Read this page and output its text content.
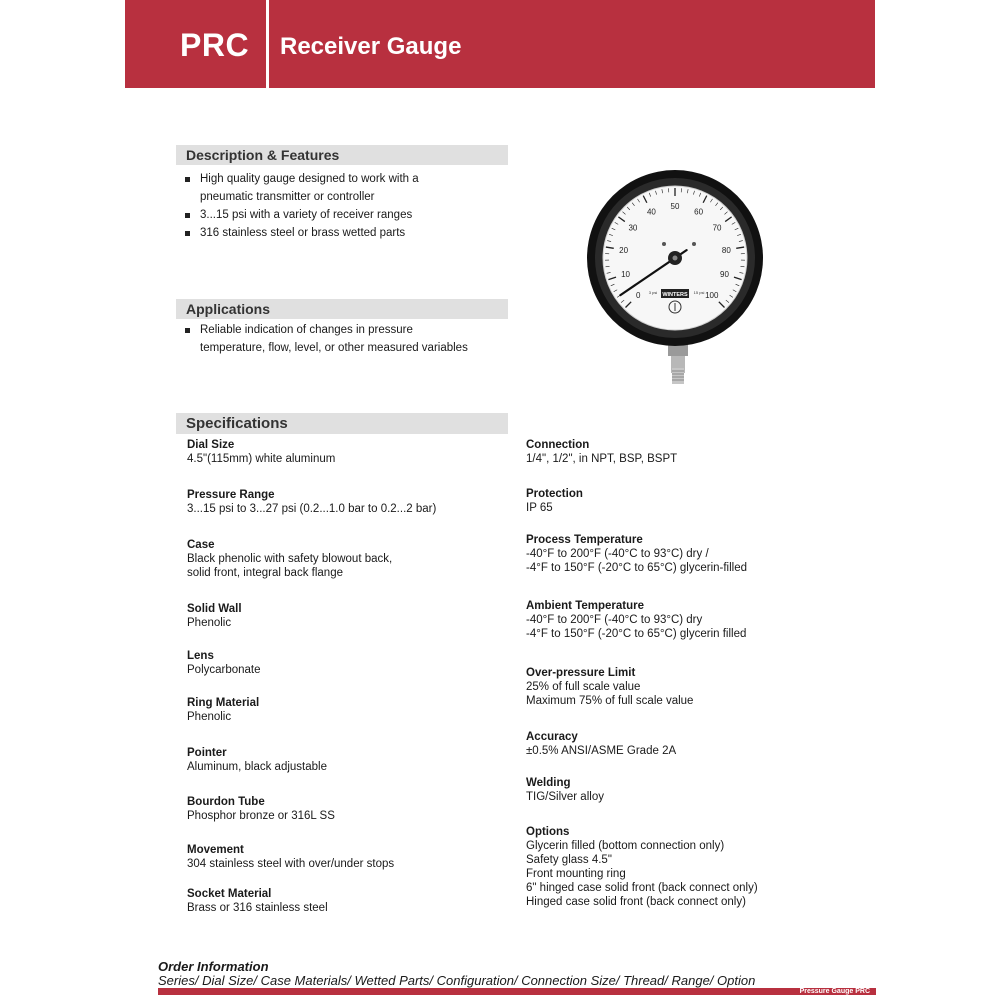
PRC Receiver Gauge
Description & Features
High quality gauge designed to work with a
pneumatic transmitter or controller
3...15 psi with a variety of receiver ranges
316 stainless steel or brass wetted parts
Applications
Reliable indication of changes in pressure
temperature, flow, level, or other measured variables
0
10
20
30
40
50
60
70
80
90
100
3 psi	15 psi
WINTERS
Specifications
Dial Size
4.5"(115mm) white aluminum
Pressure Range
3...15 psi to 3...27 psi (0.2...1.0 bar to 0.2...2 bar)
Case
Black phenolic with safety blowout back,
solid front, integral back flange
Solid Wall
Phenolic
Lens
Polycarbonate
Ring Material
Phenolic
Pointer
Aluminum, black adjustable
Bourdon Tube
Phosphor bronze or 316L SS
Movement
304 stainless steel with over/under stops
Socket Material
Brass or 316 stainless steel
Connection
1/4", 1/2", in NPT, BSP, BSPT
Protection
IP 65
Process Temperature
-40°F to 200°F (-40°C to 93°C) dry /
-4°F to 150°F (-20°C to 65°C) glycerin-filled
Ambient Temperature
-40°F to 200°F (-40°C to 93°C) dry
-4°F to 150°F (-20°C to 65°C) glycerin filled
Over-pressure Limit
25% of full scale value
Maximum 75% of full scale value
Accuracy
±0.5% ANSI/ASME Grade 2A
Welding
TIG/Silver alloy
Options
Glycerin filled (bottom connection only)
Safety glass 4.5"
Front mounting ring
6" hinged case solid front (back connect only)
Hinged case solid front (back connect only)
Order Information
Series/ Dial Size/ Case Materials/ Wetted Parts/ Configuration/ Connection Size/ Thread/ Range/ Option
Pressure Gauge PRC
